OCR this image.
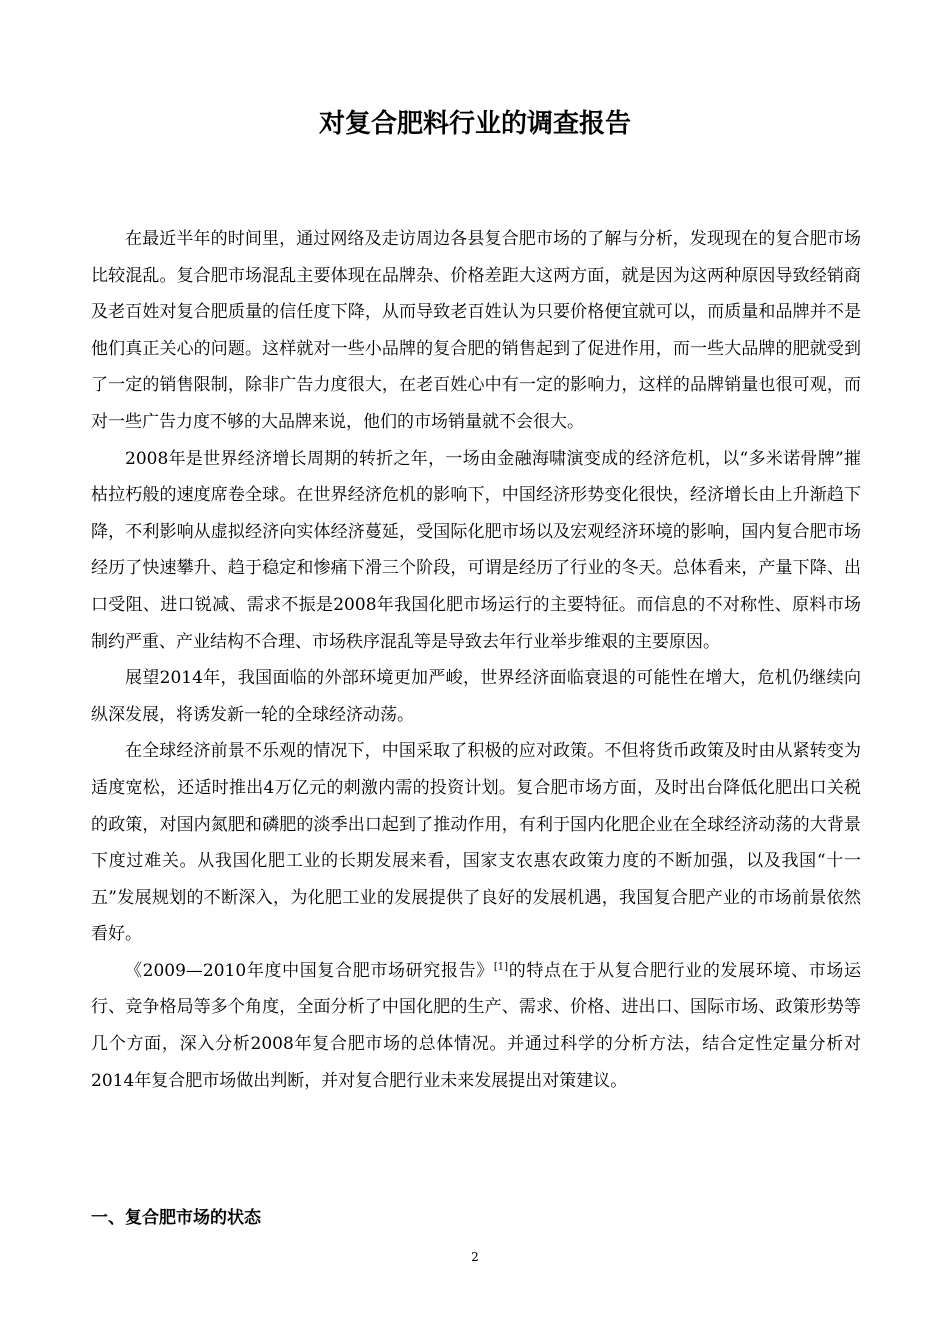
对复合肥料行业的调查报告

在最近半年的时间里，通过网络及走访周边各县复合肥市场的了解与分析，发现现在的复合肥市场比较混乱。复合肥市场混乱主要体现在品牌杂、价格差距大这两方面，就是因为这两种原因导致经销商及老百姓对复合肥质量的信任度下降，从而导致老百姓认为只要价格便宜就可以，而质量和品牌并不是他们真正关心的问题。这样就对一些小品牌的复合肥的销售起到了促进作用，而一些大品牌的肥就受到了一定的销售限制，除非广告力度很大，在老百姓心中有一定的影响力，这样的品牌销量也很可观，而对一些广告力度不够的大品牌来说，他们的市场销量就不会很大。

2008年是世界经济增长周期的转折之年，一场由金融海啸演变成的经济危机，以“多米诺骨牌”摧枯拉朽般的速度席卷全球。在世界经济危机的影响下，中国经济形势变化很快，经济增长由上升渐趋下降，不利影响从虚拟经济向实体经济蔓延，受国际化肥市场以及宏观经济环境的影响，国内复合肥市场经历了快速攀升、趋于稳定和惨痛下滑三个阶段，可谓是经历了行业的冬天。总体看来，产量下降、出口受阻、进口锐减、需求不振是2008年我国化肥市场运行的主要特征。而信息的不对称性、原料市场制约严重、产业结构不合理、市场秩序混乱等是导致去年行业举步维艰的主要原因。

展望2014年，我国面临的外部环境更加严峻，世界经济面临衰退的可能性在增大，危机仍继续向纵深发展，将诱发新一轮的全球经济动荡。

在全球经济前景不乐观的情况下，中国采取了积极的应对政策。不但将货币政策及时由从紧转变为适度宽松，还适时推出4万亿元的刺激内需的投资计划。复合肥市场方面，及时出台降低化肥出口关税的政策，对国内氮肥和磷肥的淡季出口起到了推动作用，有利于国内化肥企业在全球经济动荡的大背景下度过难关。从我国化肥工业的长期发展来看，国家支农惠农政策力度的不断加强，以及我国“十一五”发展规划的不断深入，为化肥工业的发展提供了良好的发展机遇，我国复合肥产业的市场前景依然看好。

《2009—2010年度中国复合肥市场研究报告》[1]的特点在于从复合肥行业的发展环境、市场运行、竞争格局等多个角度，全面分析了中国化肥的生产、需求、价格、进出口、国际市场、政策形势等几个方面，深入分析2008年复合肥市场的总体情况。并通过科学的分析方法，结合定性定量分析对2014年复合肥市场做出判断，并对复合肥行业未来发展提出对策建议。

一、复合肥市场的状态
2
